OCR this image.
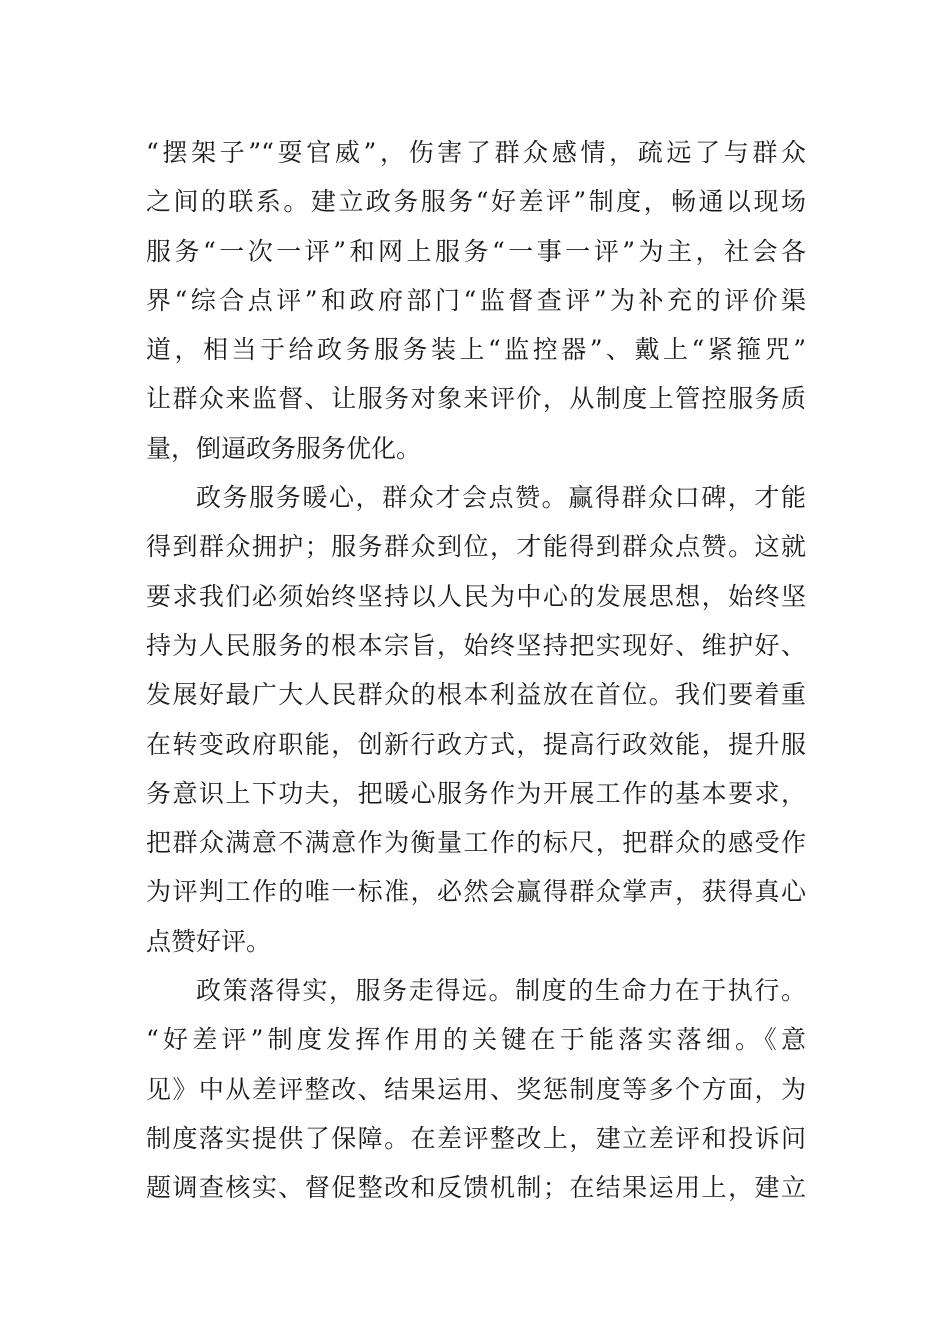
“摆架子”“耍官威”，伤害了群众感情，疏远了与群众
之间的联系。建立政务服务“好差评”制度，畅通以现场
服务“一次一评”和网上服务“一事一评”为主，社会各
界“综合点评”和政府部门“监督查评”为补充的评价渠
道，相当于给政务服务装上“监控器”、戴上“紧箍咒”
让群众来监督、让服务对象来评价，从制度上管控服务质
量，倒逼政务服务优化。
政务服务暖心，群众才会点赞。赢得群众口碑，才能
得到群众拥护；服务群众到位，才能得到群众点赞。这就
要求我们必须始终坚持以人民为中心的发展思想，始终坚
持为人民服务的根本宗旨，始终坚持把实现好、维护好、
发展好最广大人民群众的根本利益放在首位。我们要着重
在转变政府职能，创新行政方式，提高行政效能，提升服
务意识上下功夫，把暖心服务作为开展工作的基本要求，
把群众满意不满意作为衡量工作的标尺，把群众的感受作
为评判工作的唯一标准，必然会赢得群众掌声，获得真心
点赞好评。
政策落得实，服务走得远。制度的生命力在于执行。
“好差评”制度发挥作用的关键在于能落实落细。《意
见》中从差评整改、结果运用、奖惩制度等多个方面，为
制度落实提供了保障。在差评整改上，建立差评和投诉问
题调查核实、督促整改和反馈机制；在结果运用上，建立
